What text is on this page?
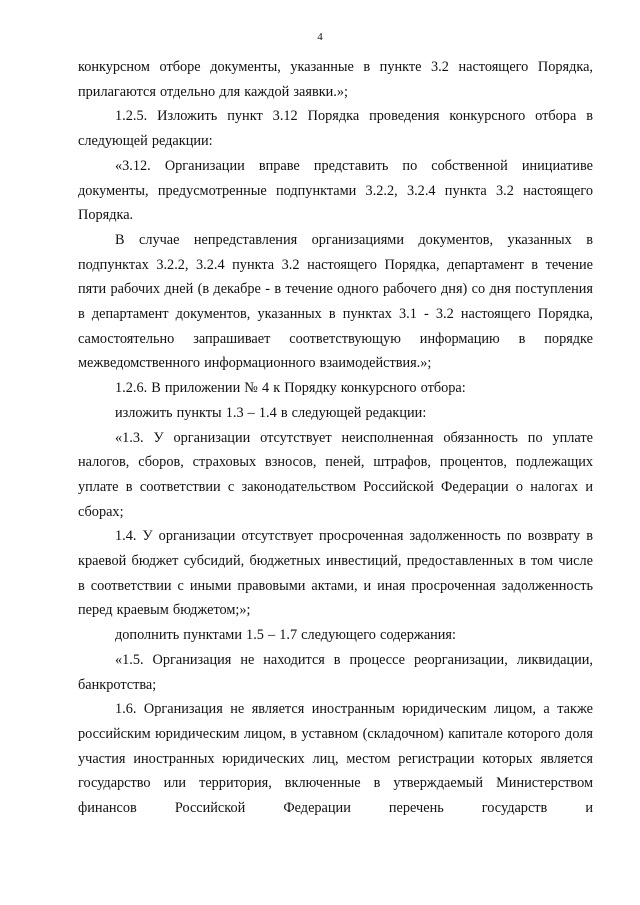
4

конкурсном отборе документы, указанные в пункте 3.2 настоящего Порядка, прилагаются отдельно для каждой заявки.»;

1.2.5. Изложить пункт 3.12 Порядка проведения конкурсного отбора в следующей редакции:

«3.12. Организации вправе представить по собственной инициативе документы, предусмотренные подпунктами 3.2.2, 3.2.4 пункта 3.2 настоящего Порядка.

В случае непредставления организациями документов, указанных в подпунктах 3.2.2, 3.2.4 пункта 3.2 настоящего Порядка, департамент в течение пяти рабочих дней (в декабре - в течение одного рабочего дня) со дня поступления в департамент документов, указанных в пунктах 3.1 - 3.2 настоящего Порядка, самостоятельно запрашивает соответствующую информацию в порядке межведомственного информационного взаимодействия.»;

1.2.6. В приложении № 4 к Порядку конкурсного отбора:

изложить пункты 1.3 – 1.4 в следующей редакции:

«1.3. У организации отсутствует неисполненная обязанность по уплате налогов, сборов, страховых взносов, пеней, штрафов, процентов, подлежащих уплате в соответствии с законодательством Российской Федерации о налогах и сборах;

1.4. У организации отсутствует просроченная задолженность по возврату в краевой бюджет субсидий, бюджетных инвестиций, предоставленных в том числе в соответствии с иными правовыми актами, и иная просроченная задолженность перед краевым бюджетом;»;

дополнить пунктами 1.5 – 1.7 следующего содержания:

«1.5. Организация не находится в процессе реорганизации, ликвидации, банкротства;

1.6. Организация не является иностранным юридическим лицом, а также российским юридическим лицом, в уставном (складочном) капитале которого доля участия иностранных юридических лиц, местом регистрации которых является государство или территория, включенные в утверждаемый Министерством финансов Российской Федерации перечень государств и
